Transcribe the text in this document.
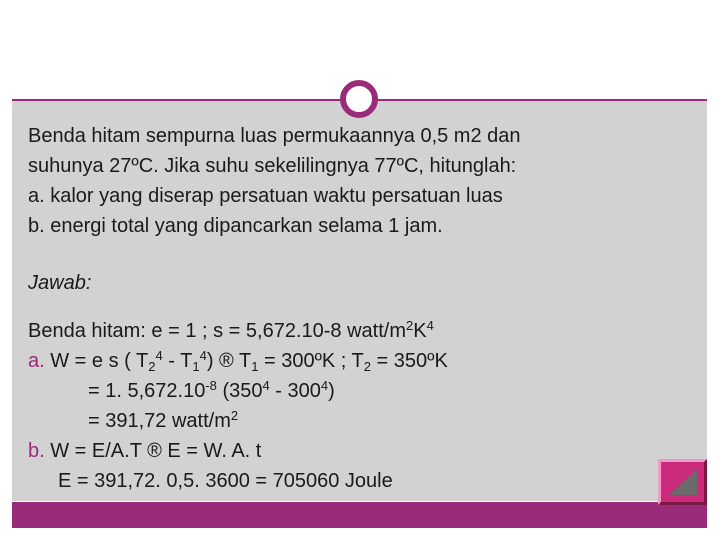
Benda hitam sempurna luas permukaannya 0,5 m2 dan
suhunya 27ºC. Jika suhu sekelilingnya 77ºC, hitunglah:
a. kalor yang diserap persatuan waktu persatuan luas
b. energi total yang dipancarkan selama 1 jam.
Jawab:
Benda hitam: e = 1 ; s = 5,672.10-8 watt/$m^2K^4$
a. W = e s ( $T_2^4 - T_1^4$) ® $T_1$ = 300ºK ; $T_2$ = 350ºK
= 1. $5,672.10^{-8}$ $(350^4 - 300^4)$
= 391,72 watt/$m^2$
b. W = E/A.T ® E = W. A. t
E = 391,72. 0,5. 3600 = 705060 Joule
